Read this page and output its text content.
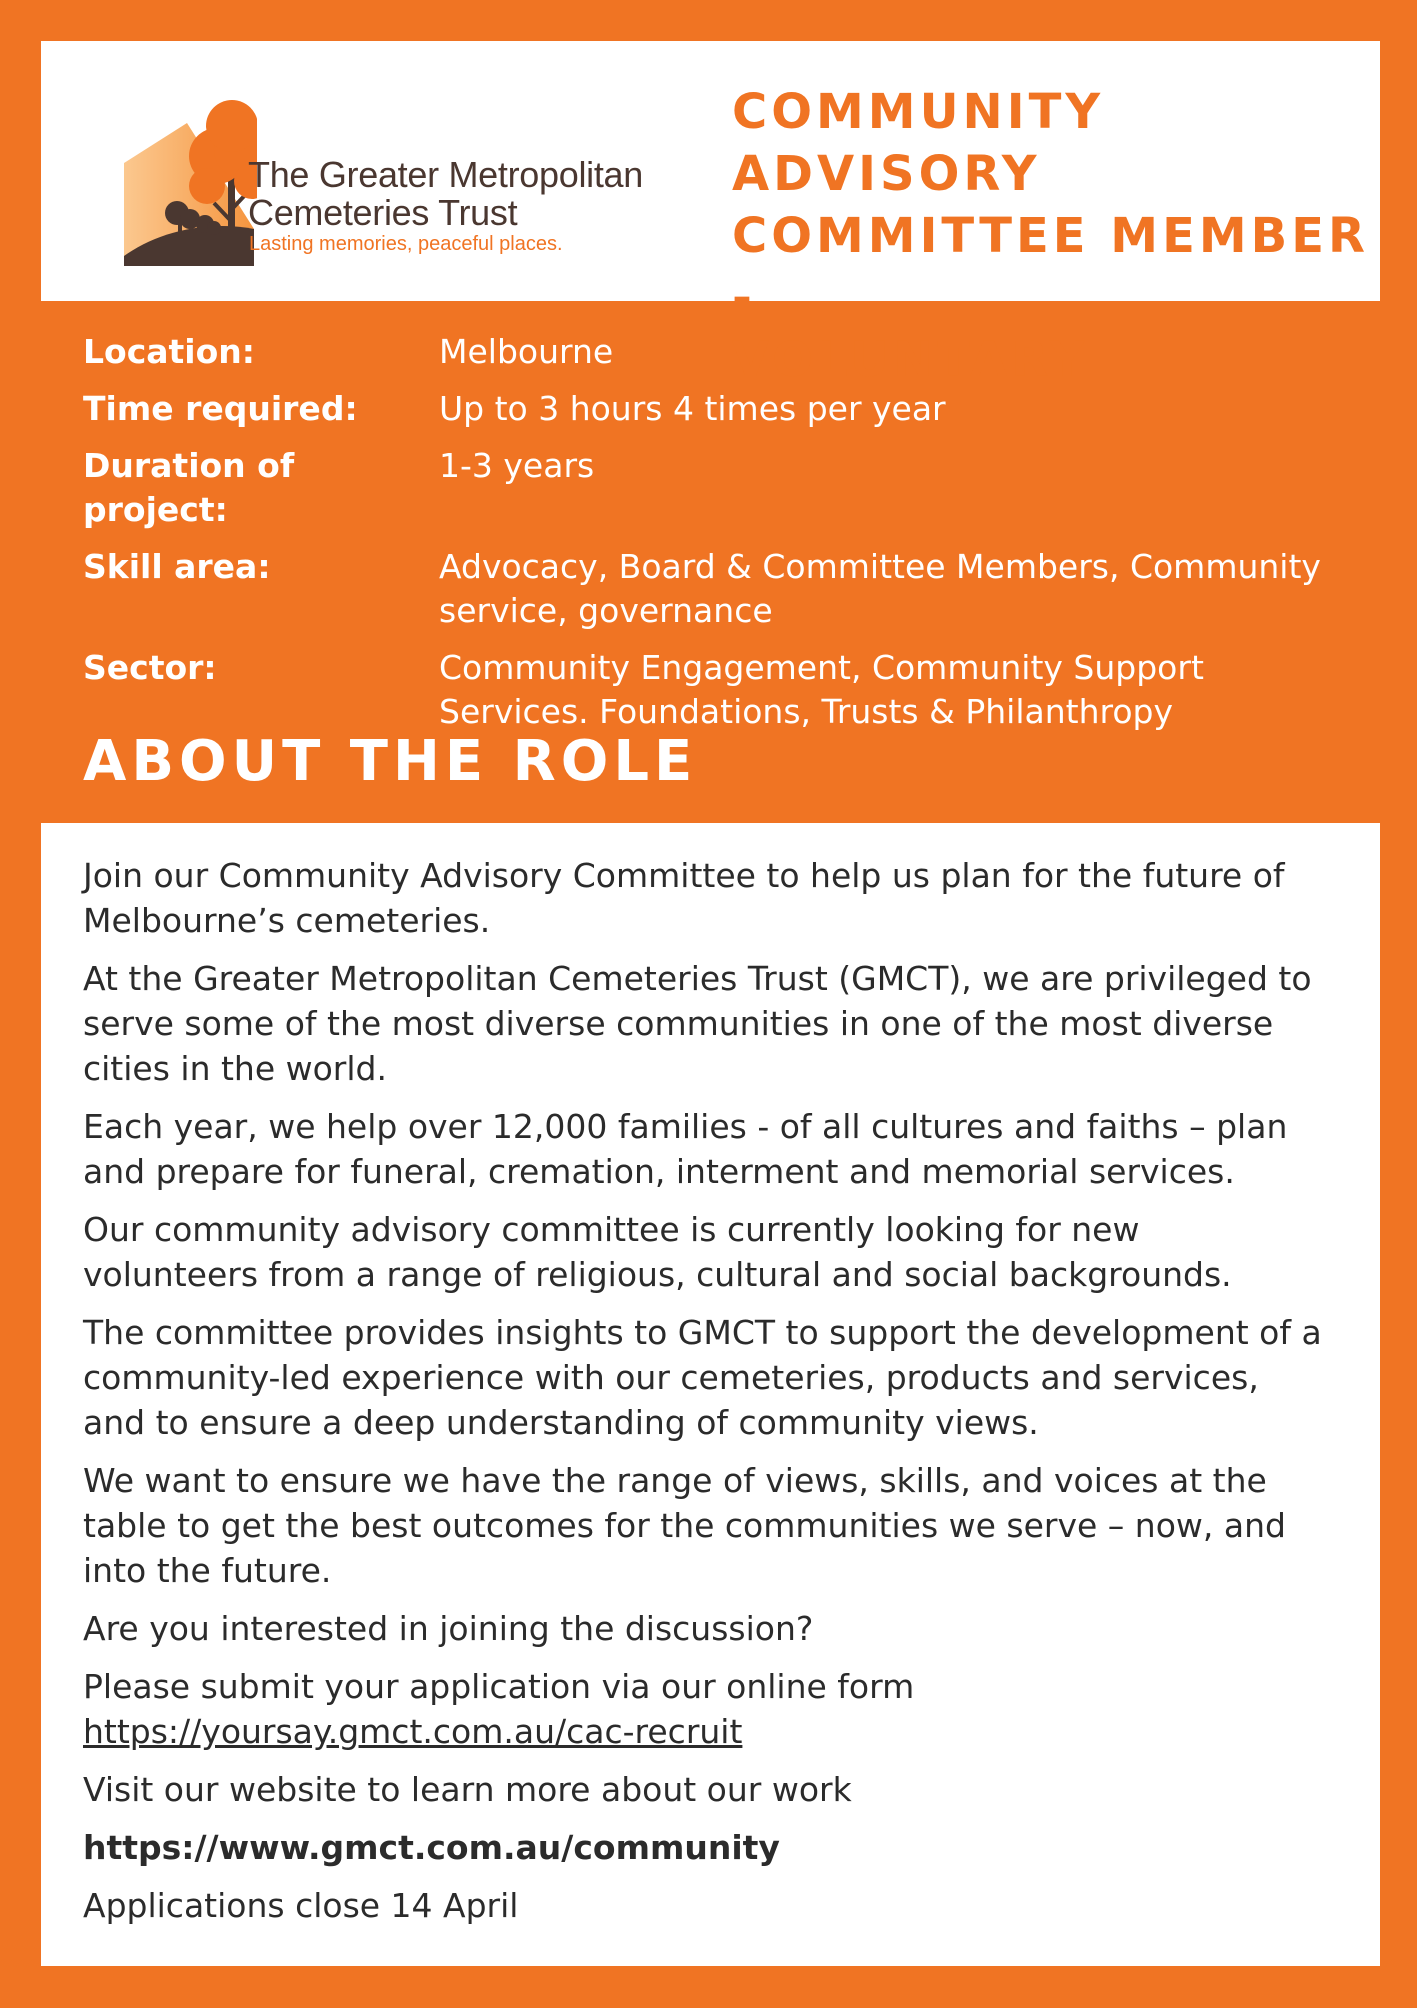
The Greater Metropolitan
Cemeteries Trust
Lasting memories, peaceful places.
COMMUNITY ADVISORY
COMMITTEE MEMBER -
VOLUNTARY
Location:	Melbourne
Time required:	Up to 3 hours 4 times per year
Duration of project:
1-3 years
Skill area:	Advocacy, Board & Committee Members, Community service, governance
Sector:	Community Engagement, Community Support Services. Foundations, Trusts & Philanthropy
ABOUT THE ROLE

Join our Community Advisory Committee to help us plan for the future of Melbourne’s cemeteries.

At the Greater Metropolitan Cemeteries Trust (GMCT), we are privileged to serve some of the most diverse communities in one of the most diverse cities in the world.

Each year, we help over 12,000 families - of all cultures and faiths – plan and prepare for funeral, cremation, interment and memorial services.

Our community advisory committee is currently looking for new volunteers from a range of religious, cultural and social backgrounds.

The committee provides insights to GMCT to support the development of a community-led experience with our cemeteries, products and services, and to ensure a deep understanding of community views.

We want to ensure we have the range of views, skills, and voices at the table to get the best outcomes for the communities we serve – now, and into the future.

Are you interested in joining the discussion?

Please submit your application via our online form
https://yoursay.gmct.com.au/cac-recruit

Visit our website to learn more about our work

https://www.gmct.com.au/community

Applications close 14 April
